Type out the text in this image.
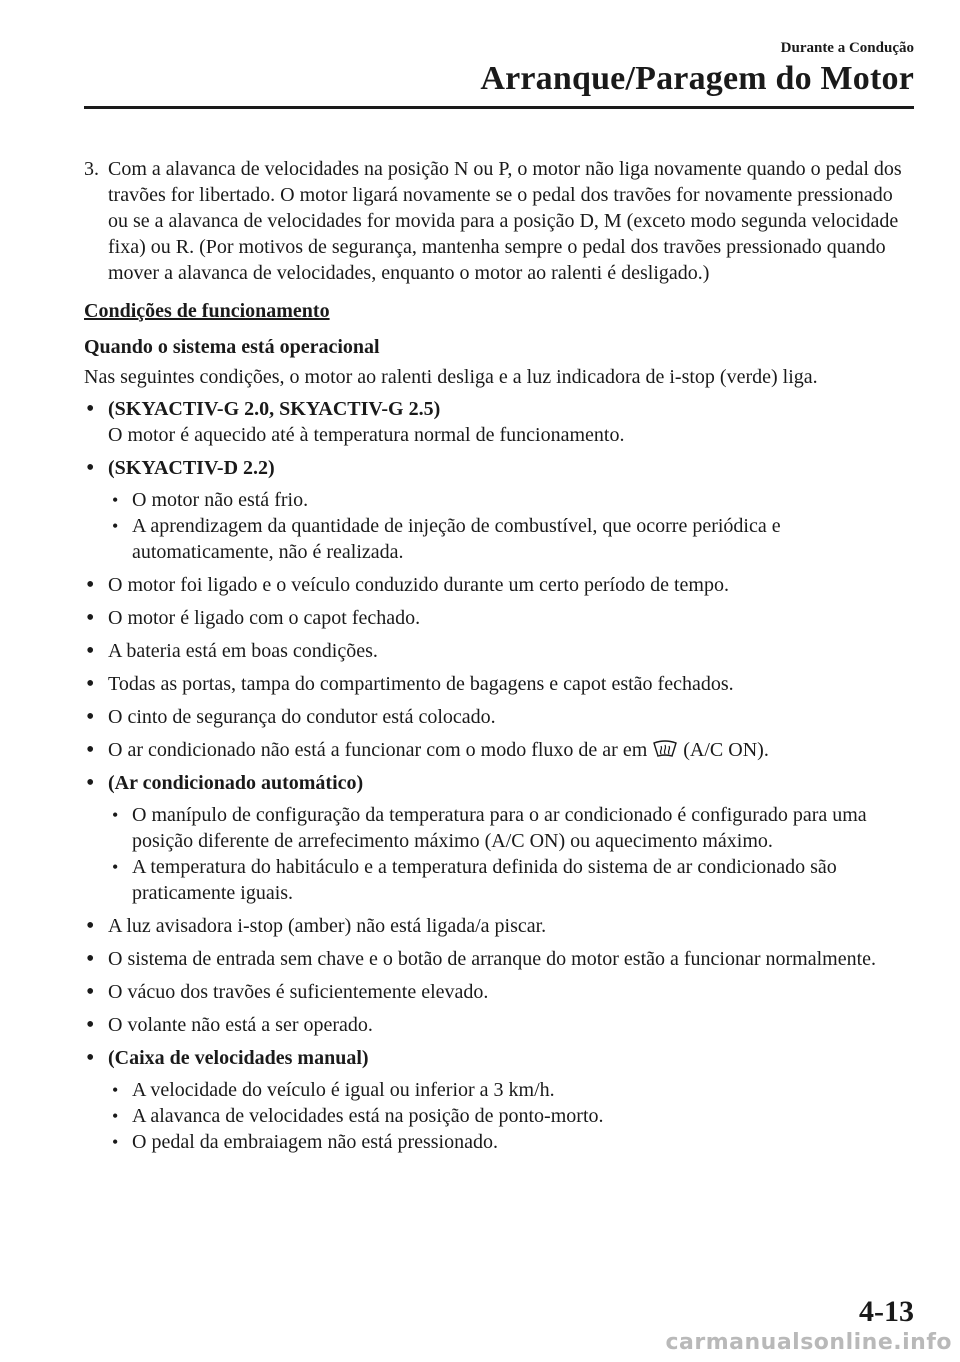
Durante a Condução
Arranque/Paragem do Motor
3. Com a alavanca de velocidades na posição N ou P, o motor não liga novamente quando o pedal dos travões for libertado. O motor ligará novamente se o pedal dos travões for novamente pressionado ou se a alavanca de velocidades for movida para a posição D, M (exceto modo segunda velocidade fixa) ou R. (Por motivos de segurança, mantenha sempre o pedal dos travões pressionado quando mover a alavanca de velocidades, enquanto o motor ao ralenti é desligado.)
Condições de funcionamento
Quando o sistema está operacional
Nas seguintes condições, o motor ao ralenti desliga e a luz indicadora de i-stop (verde) liga.
• (SKYACTIV-G 2.0, SKYACTIV-G 2.5)
O motor é aquecido até à temperatura normal de funcionamento.
• (SKYACTIV-D 2.2)
• O motor não está frio.
• A aprendizagem da quantidade de injeção de combustível, que ocorre periódica e automaticamente, não é realizada.
• O motor foi ligado e o veículo conduzido durante um certo período de tempo.
• O motor é ligado com o capot fechado.
• A bateria está em boas condições.
• Todas as portas, tampa do compartimento de bagagens e capot estão fechados.
• O cinto de segurança do condutor está colocado.
• O ar condicionado não está a funcionar com o modo fluxo de ar em (A/C ON).
• (Ar condicionado automático)
• O manípulo de configuração da temperatura para o ar condicionado é configurado para uma posição diferente de arrefecimento máximo (A/C ON) ou aquecimento máximo.
• A temperatura do habitáculo e a temperatura definida do sistema de ar condicionado são praticamente iguais.
• A luz avisadora i-stop (amber) não está ligada/a piscar.
• O sistema de entrada sem chave e o botão de arranque do motor estão a funcionar normalmente.
• O vácuo dos travões é suficientemente elevado.
• O volante não está a ser operado.
• (Caixa de velocidades manual)
• A velocidade do veículo é igual ou inferior a 3 km/h.
• A alavanca de velocidades está na posição de ponto-morto.
• O pedal da embraiagem não está pressionado.
4-13
carmanualsonline.info
